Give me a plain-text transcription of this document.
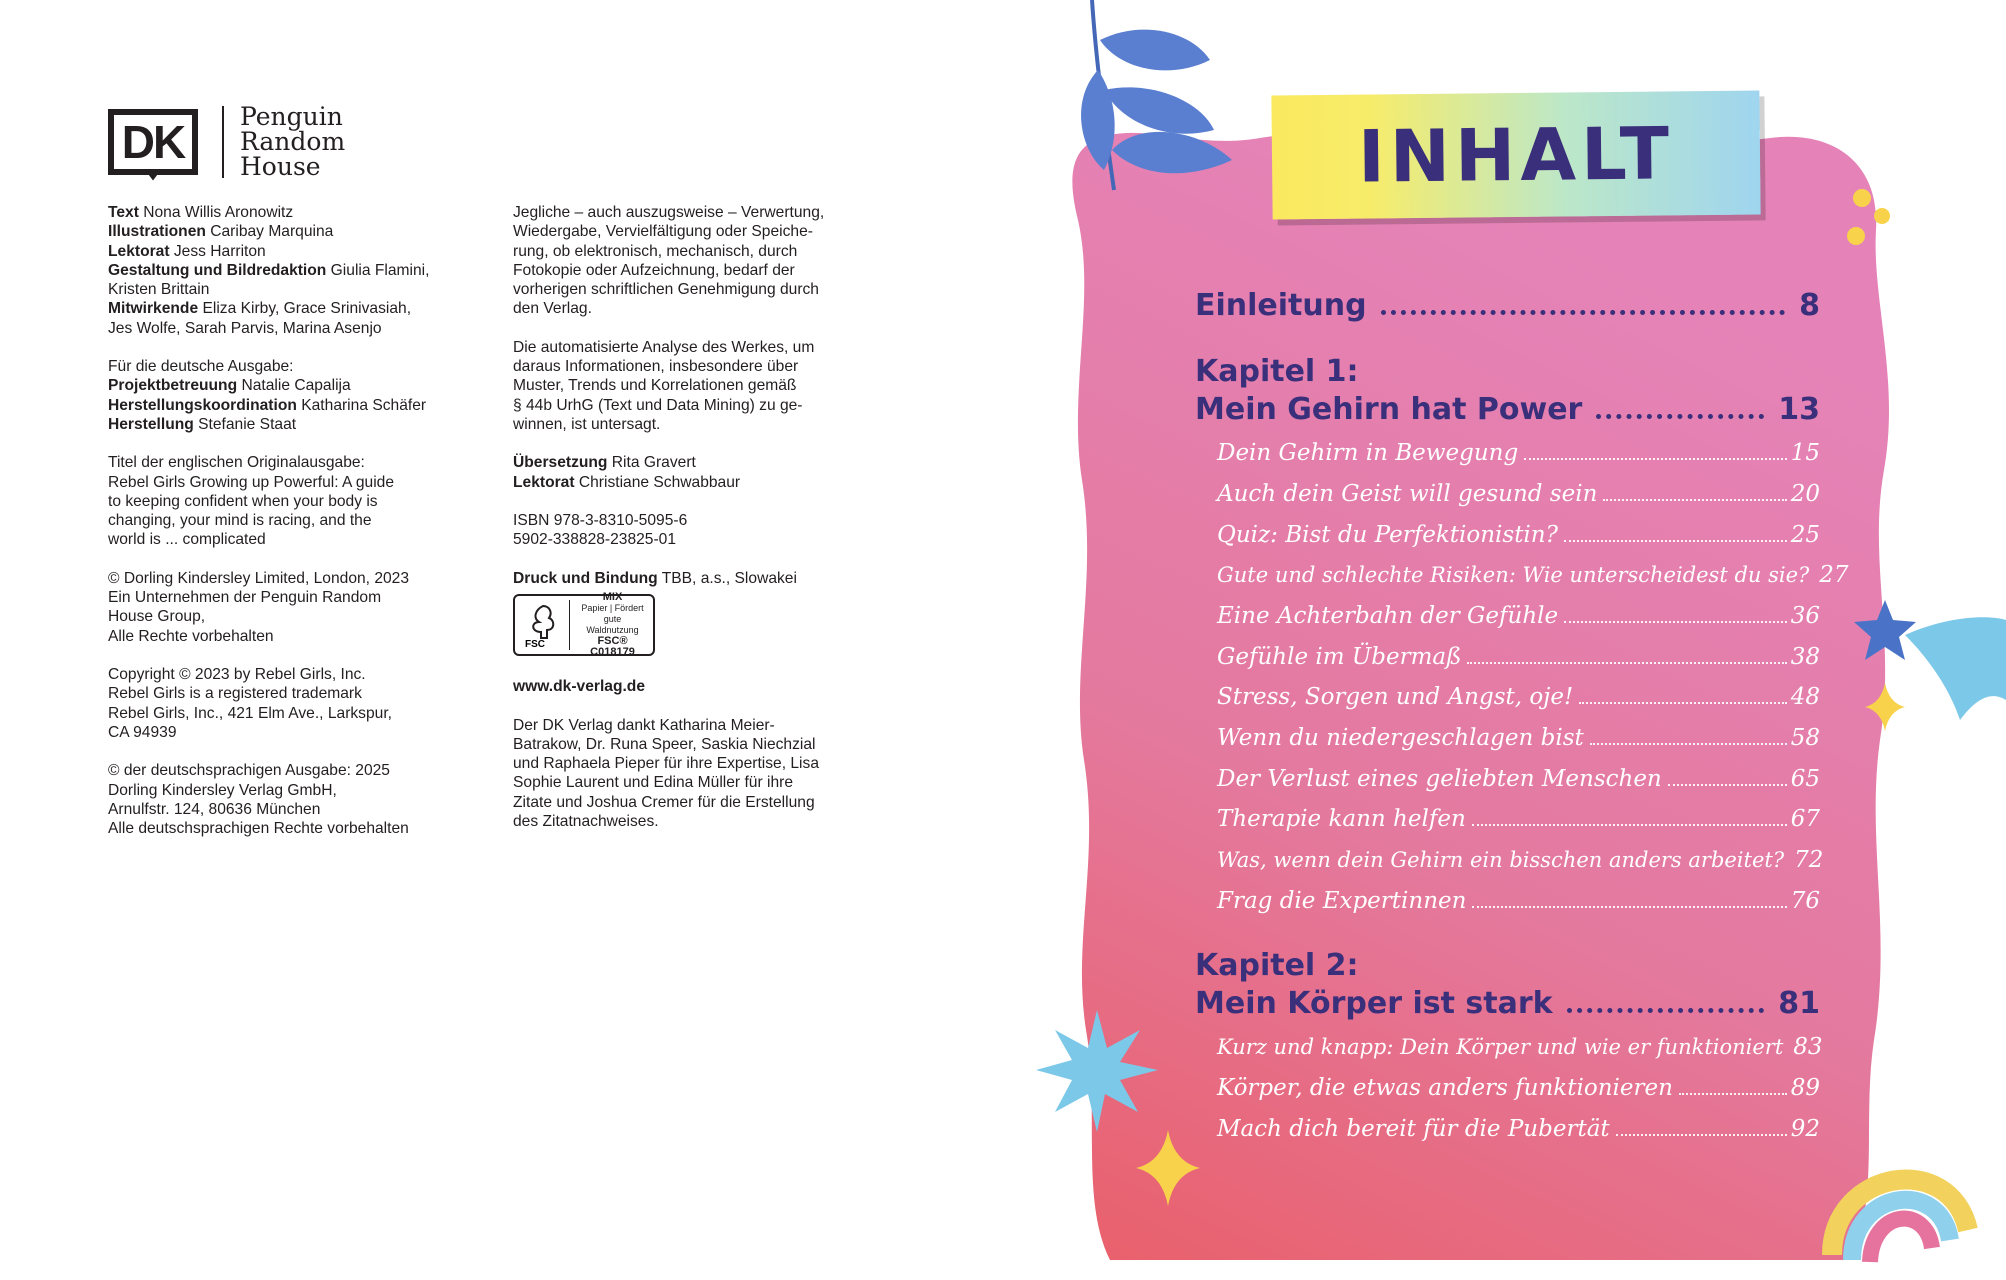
DK	Penguin
Random
House

Text Nona Willis Aronowitz
Illustrationen Caribay Marquina
Lektorat Jess Harriton
Gestaltung und Bildredaktion Giulia Flamini,
Kristen Brittain
Mitwirkende Eliza Kirby, Grace Srinivasiah,
Jes Wolfe, Sarah Parvis, Marina Asenjo

Für die deutsche Ausgabe:
Projektbetreuung Natalie Capalija
Herstellungskoordination Katharina Schäfer
Herstellung Stefanie Staat

Titel der englischen Originalausgabe:
Rebel Girls Growing up Powerful: A guide
to keeping confident when your body is
changing, your mind is racing, and the
world is ... complicated

© Dorling Kindersley Limited, London, 2023
Ein Unternehmen der Penguin Random
House Group,
Alle Rechte vorbehalten

Copyright © 2023 by Rebel Girls, Inc.
Rebel Girls is a registered trademark
Rebel Girls, Inc., 421 Elm Ave., Larkspur,
CA 94939

© der deutschsprachigen Ausgabe: 2025
Dorling Kindersley Verlag GmbH,
Arnulfstr. 124, 80636 München
Alle deutschsprachigen Rechte vorbehalten

Jegliche – auch auszugsweise – Verwertung,
Wiedergabe, Vervielfältigung oder Speiche-
rung, ob elektronisch, mechanisch, durch
Fotokopie oder Aufzeichnung, bedarf der
vorherigen schriftlichen Genehmigung durch
den Verlag.

Die automatisierte Analyse des Werkes, um
daraus Informationen, insbesondere über
Muster, Trends und Korrelationen gemäß
§ 44b UrhG (Text und Data Mining) zu ge-
winnen, ist untersagt.

Übersetzung Rita Gravert
Lektorat Christiane Schwabbaur

ISBN 978-3-8310-5095-6
5902-338828-23825-01

Druck und Bindung TBB, a.s., Slowakei

FSC
MIX
Papier | Fördert
gute Waldnutzung
FSC® C018179

www.dk-verlag.de

Der DK Verlag dankt Katharina Meier-
Batrakow, Dr. Runa Speer, Saskia Niechzial
und Raphaela Pieper für ihre Expertise, Lisa
Sophie Laurent und Edina Müller für ihre
Zitate und Joshua Cremer für die Erstellung
des Zitatnachweises.

INHALT
Einleitung	8
Kapitel 1:
Mein Gehirn hat Power	13
Dein Gehirn in Bewegung	15
Auch dein Geist will gesund sein	20
Quiz: Bist du Perfektionistin?	25
Gute und schlechte Risiken: Wie unterscheidest du sie? 27
Eine Achterbahn der Gefühle	36
Gefühle im Übermaß	38
Stress, Sorgen und Angst, oje!	48
Wenn du niedergeschlagen bist	58
Der Verlust eines geliebten Menschen	65
Therapie kann helfen	67
Was, wenn dein Gehirn ein bisschen anders arbeitet? 72
Frag die Expertinnen	76
Kapitel 2:
Mein Körper ist stark	81
Kurz und knapp: Dein Körper und wie er funktioniert 83
Körper, die etwas anders funktionieren	89
Mach dich bereit für die Pubertät	92
